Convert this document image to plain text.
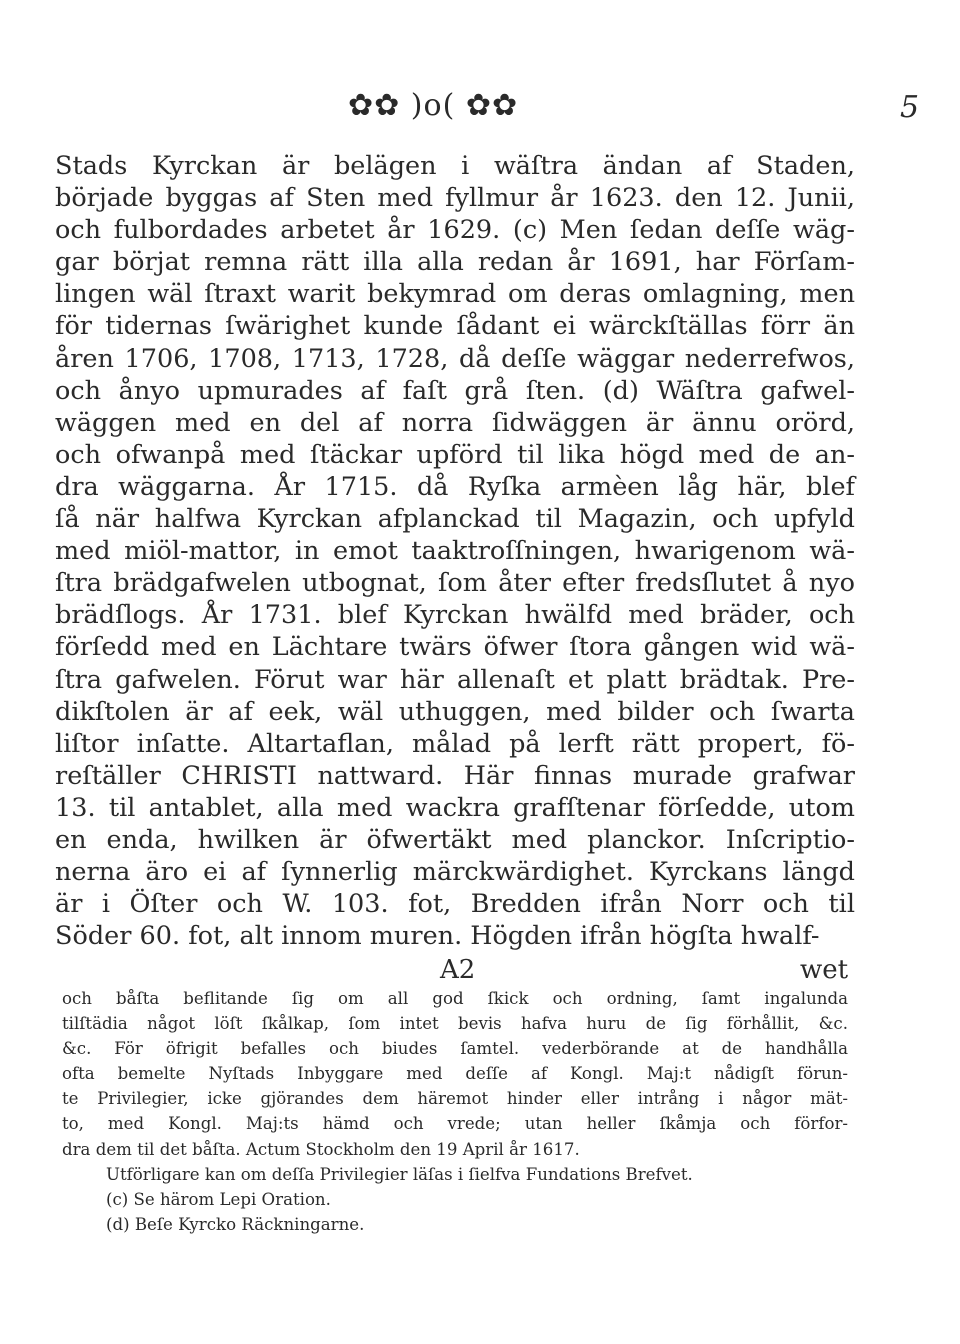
✿✿ )o( ✿✿	5
Stads Kyrckan är belägen i wäſtra ändan af Staden,
började byggas af Sten med fyllmur år 1623. den 12. Junii,
och fulbordades arbetet år 1629. (c) Men ſedan deſſe wäg-
gar börjat remna rätt illa alla redan år 1691, har Förſam-
lingen wäl ſtraxt warit bekymrad om deras omlagning, men
för tidernas ſwärighet kunde ſådant ei wärckſtällas förr än
åren 1706, 1708, 1713, 1728, då deſſe wäggar nederrefwos,
och ånyo upmurades af faſt grå ſten. (d) Wäſtra gafwel-
wäggen med en del af norra ſidwäggen är ännu orörd,
och ofwanpå med ſtäckar upförd til lika högd med de an-
dra wäggarna. År 1715. då Ryſka armèen låg här, blef
ſå när halfwa Kyrckan afplanckad til Magazin, och upfyld
med miöl-mattor, in emot taaktroſſningen, hwarigenom wä-
ſtra brädgafwelen utbognat, ſom åter efter fredsſlutet å nyo
brädſlogs. År 1731. blef Kyrckan hwälfd med bräder, och
förſedd med en Lächtare twärs öfwer ſtora gången wid wä-
ſtra gafwelen. Förut war här allenaſt et platt brädtak. Pre-
dikſtolen är af eek, wäl uthuggen, med bilder och ſwarta
liſtor inſatte. Altartaflan, målad på lerft rätt propert, fö-
reſtäller CHRISTI nattward. Här finnas murade grafwar
13. til antablet, alla med wackra grafſtenar förſedde, utom
en enda, hwilken är öfwertäkt med planckor. Inſcriptio-
nerna äro ei af ſynnerlig märckwärdighet. Kyrckans längd
är i Öſter och W. 103. fot, Bredden ifrån Norr och til
Söder 60. fot, alt innom muren. Högden ifrån högſta hwalf-
A2	wet
och båſta beflitande ſig om all god ſkick och ordning, ſamt ingalunda
tilſtädia något löſt ſkålkap, ſom intet bevis hafva huru de ſig förhållit, &c.
&c. För öfrigit befalles och biudes ſamtel. vederbörande at de handhålla
ofta bemelte Nyſtads Inbyggare med deſſe af Kongl. Maj:t nådigſt förun-
te Privilegier, icke gjörandes dem häremot hinder eller intrång i någor mät-
to, med Kongl. Maj:ts hämd och vrede; utan heller ſkåmja och förfor-
dra dem til det båſta. Actum Stockholm den 19 April år 1617.
Utförligare kan om deſſa Privilegier läſas i ſielfva Fundations Brefvet.
(c) Se härom Lepi Oration.
(d) Beſe Kyrcko Räckningarne.
